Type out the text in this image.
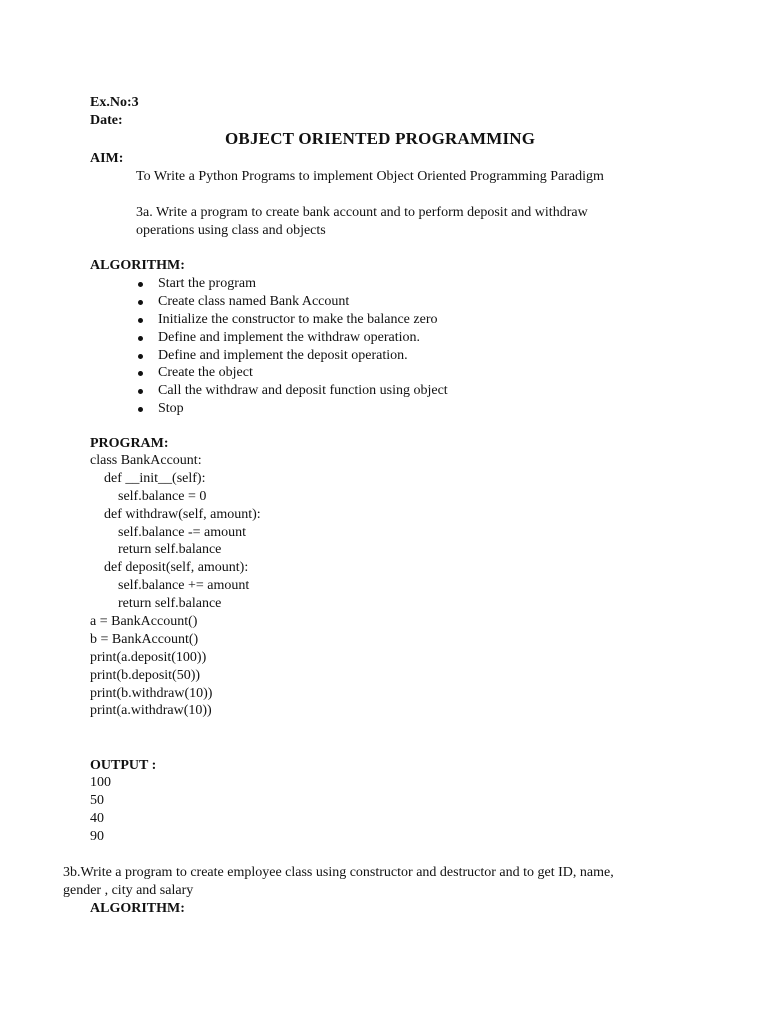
Ex.No:3
Date:
OBJECT ORIENTED PROGRAMMING
AIM:
To Write a Python Programs to implement Object Oriented Programming Paradigm
3a. Write a program to create bank account and to perform deposit and withdraw
operations using class and objects
ALGORITHM:
Start the program
Create class named Bank Account
Initialize the constructor to make the balance zero
Define and implement the withdraw operation.
Define and implement the deposit operation.
Create the object
Call the withdraw and deposit function using object
Stop
PROGRAM:
class BankAccount:
def __init__(self):
self.balance = 0
def withdraw(self, amount):
self.balance -= amount
return self.balance
def deposit(self, amount):
self.balance += amount
return self.balance
a = BankAccount()
b = BankAccount()
print(a.deposit(100))
print(b.deposit(50))
print(b.withdraw(10))
print(a.withdraw(10))
OUTPUT :
100
50
40
90
3b.Write a program to create employee class using constructor and destructor and to get ID, name,
gender , city and salary
ALGORITHM:
